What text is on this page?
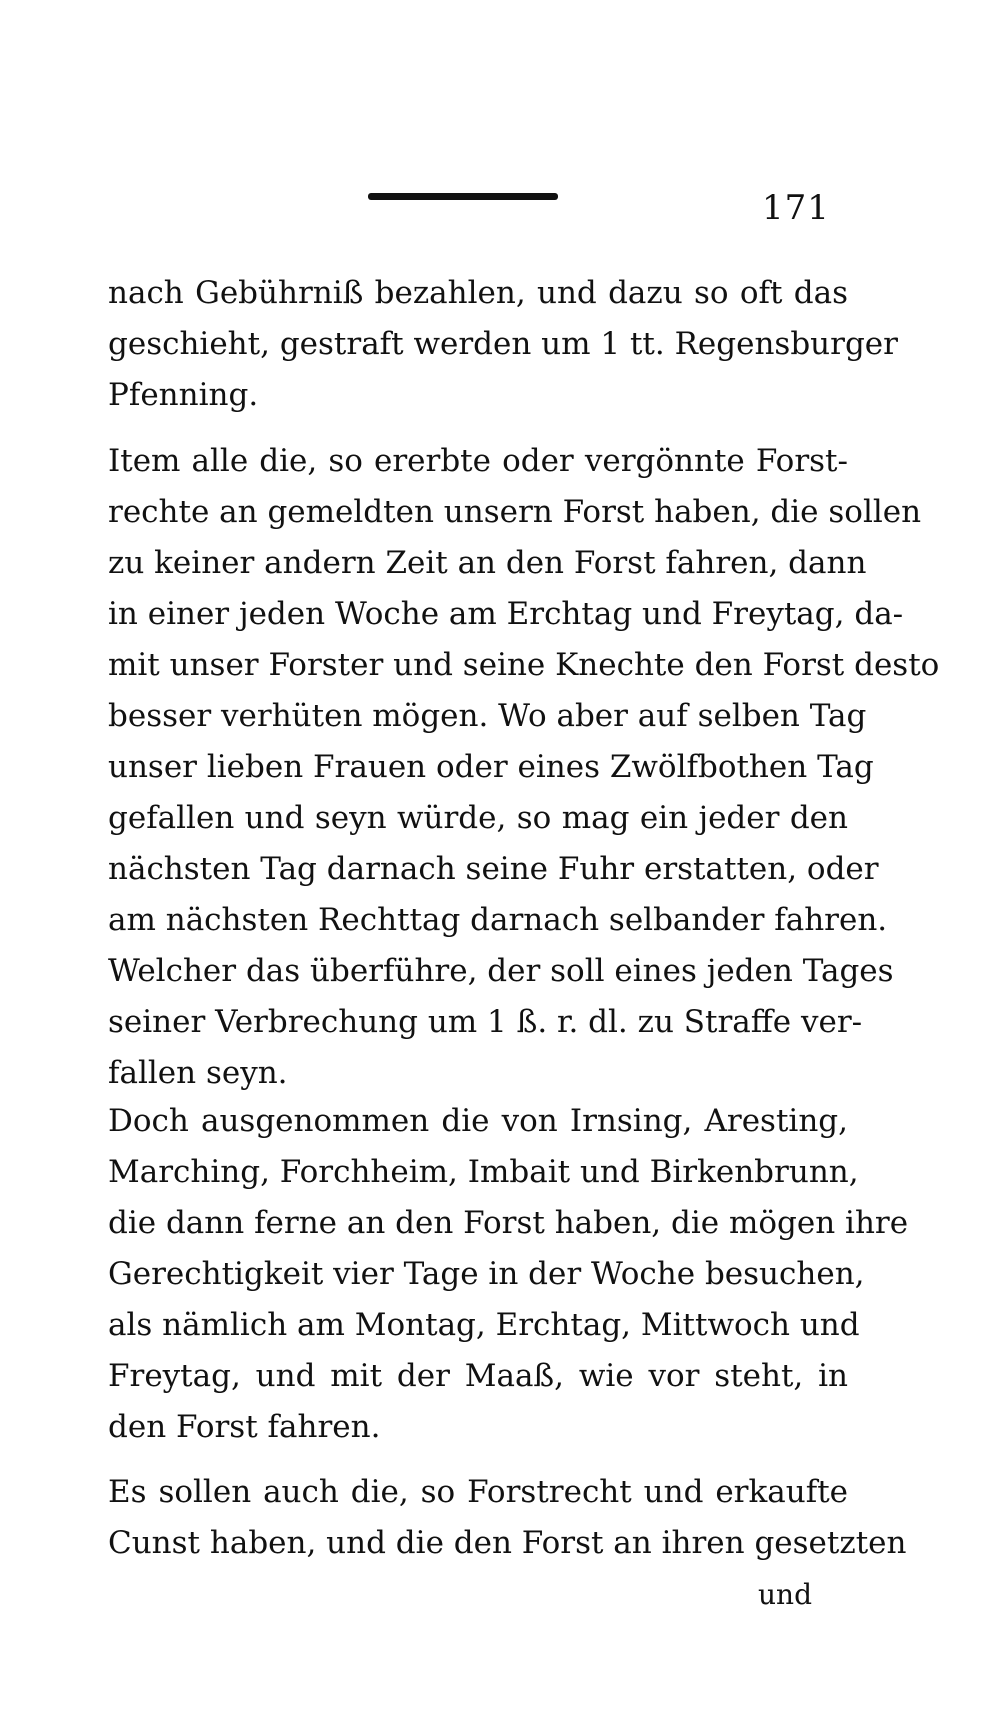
171
nach Gebührniß bezahlen, und dazu so oft das
geschieht, gestraft werden um 1 tt. Regensburger
Pfenning.
Item alle die, so ererbte oder vergönnte Forst-
rechte an gemeldten unsern Forst haben, die sollen
zu keiner andern Zeit an den Forst fahren, dann
in einer jeden Woche am Erchtag und Freytag, da-
mit unser Forster und seine Knechte den Forst desto
besser verhüten mögen. Wo aber auf selben Tag
unser lieben Frauen oder eines Zwölfbothen Tag
gefallen und seyn würde, so mag ein jeder den
nächsten Tag darnach seine Fuhr erstatten, oder
am nächsten Rechttag darnach selbander fahren.
Welcher das überführe, der soll eines jeden Tages
seiner Verbrechung um 1 ß. r. dl. zu Straffe ver-
fallen seyn.
Doch ausgenommen die von Irnsing, Aresting,
Marching, Forchheim, Imbait und Birkenbrunn,
die dann ferne an den Forst haben, die mögen ihre
Gerechtigkeit vier Tage in der Woche besuchen,
als nämlich am Montag, Erchtag, Mittwoch und
Freytag, und mit der Maaß, wie vor steht, in
den Forst fahren.
Es sollen auch die, so Forstrecht und erkaufte
Cunst haben, und die den Forst an ihren gesetzten
und
